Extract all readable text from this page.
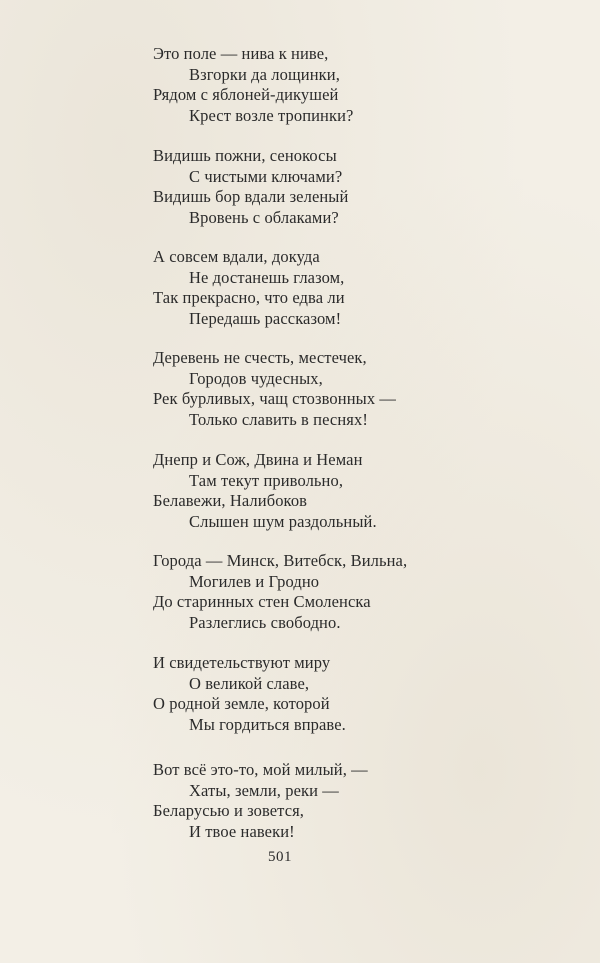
Это поле — нива к ниве,
Взгорки да лощинки,
Рядом с яблоней-дикушей
Крест возле тропинки?
Видишь пожни, сенокосы
С чистыми ключами?
Видишь бор вдали зеленый
Вровень с облаками?
А совсем вдали, докуда
Не достанешь глазом,
Так прекрасно, что едва ли
Передашь рассказом!
Деревень не счесть, местечек,
Городов чудесных,
Рек бурливых, чащ стозвонных —
Только славить в песнях!
Днепр и Сож, Двина и Неман
Там текут привольно,
Белавежи, Налибоков
Слышен шум раздольный.
Города — Минск, Витебск, Вильна,
Могилев и Гродно
До старинных стен Смоленска
Разлеглись свободно.
И свидетельствуют миру
О великой славе,
О родной земле, которой
Мы гордиться вправе.
Вот всё это-то, мой милый, —
Хаты, земли, реки —
Беларусью и зовется,
И твое навеки!
501
